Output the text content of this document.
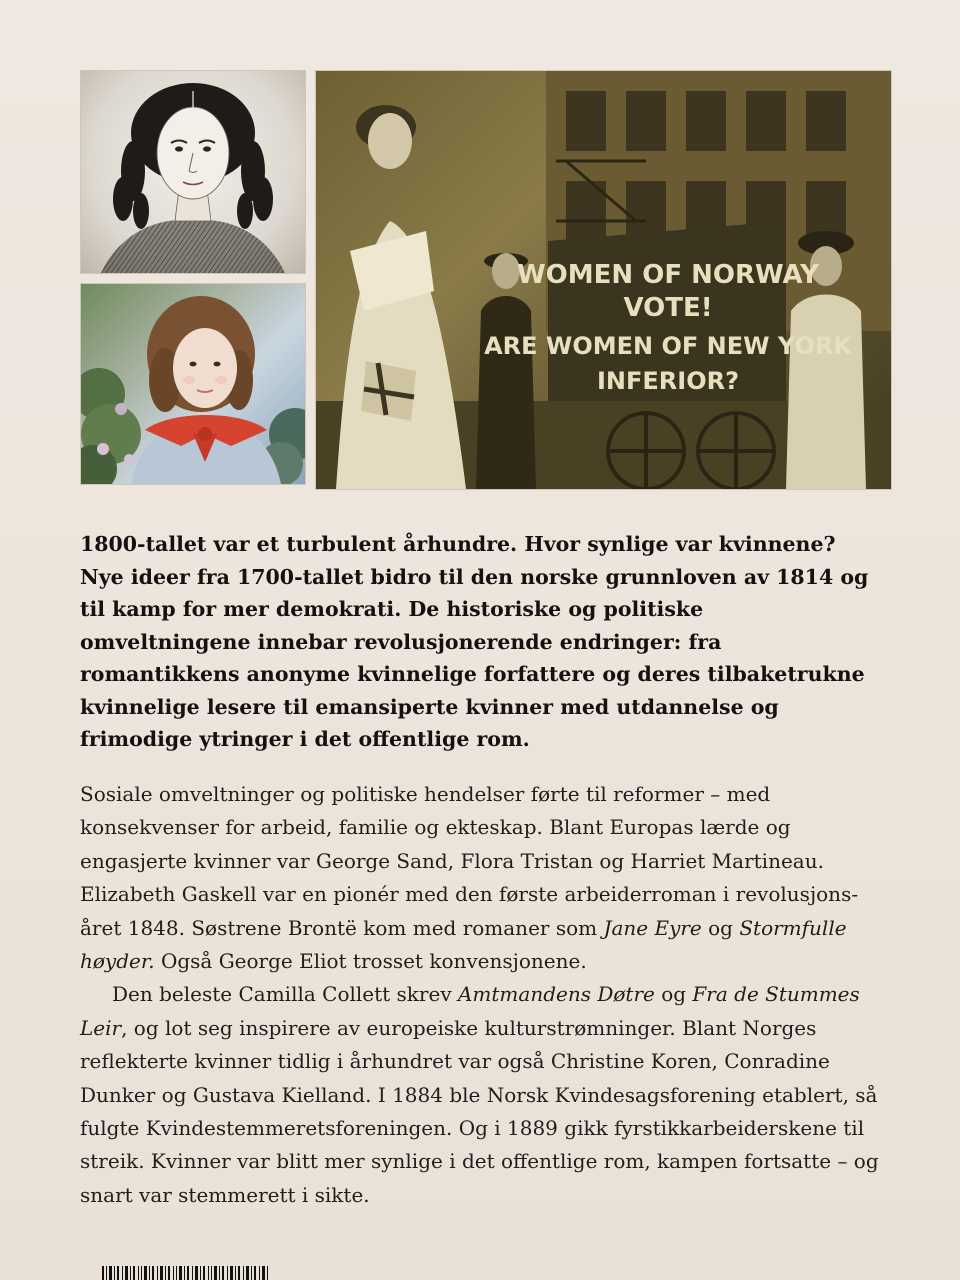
WOMEN OF NORWAY
VOTE!
ARE WOMEN OF NEW YORK
INFERIOR?

1800-tallet var et turbulent århundre. Hvor synlige var kvinnene? Nye ideer fra 1700-tallet bidro til den norske grunnloven av 1814 og til kamp for mer demokrati. De historiske og politiske omveltningene innebar revolusjonerende endringer: fra romantikkens anonyme kvinnelige forfattere og deres tilbaketrukne kvinnelige lesere til emansiperte kvinner med utdannelse og frimodige ytringer i det offentlige rom.

Sosiale omveltninger og politiske hendelser førte til reformer – med konsekvenser for arbeid, familie og ekteskap. Blant Europas lærde og engasjerte kvinner var George Sand, Flora Tristan og Harriet Martineau. Elizabeth Gaskell var en pionér med den første arbeiderroman i revolusjonsåret 1848. Søstrene Brontë kom med romaner som Jane Eyre og Stormfulle høyder. Også George Eliot trosset konvensjonene.

Den beleste Camilla Collett skrev Amtmandens Døtre og Fra de Stummes Leir, og lot seg inspirere av europeiske kulturstrømninger. Blant Norges reflekterte kvinner tidlig i århundret var også Christine Koren, Conradine Dunker og Gustava Kielland. I 1884 ble Norsk Kvindesagsforening etablert, så fulgte Kvindestemmeretsforeningen. Og i 1889 gikk fyrstikkarbeiderskene til streik. Kvinner var blitt mer synlige i det offentlige rom, kampen fortsatte – og snart var stemmerett i sikte.
